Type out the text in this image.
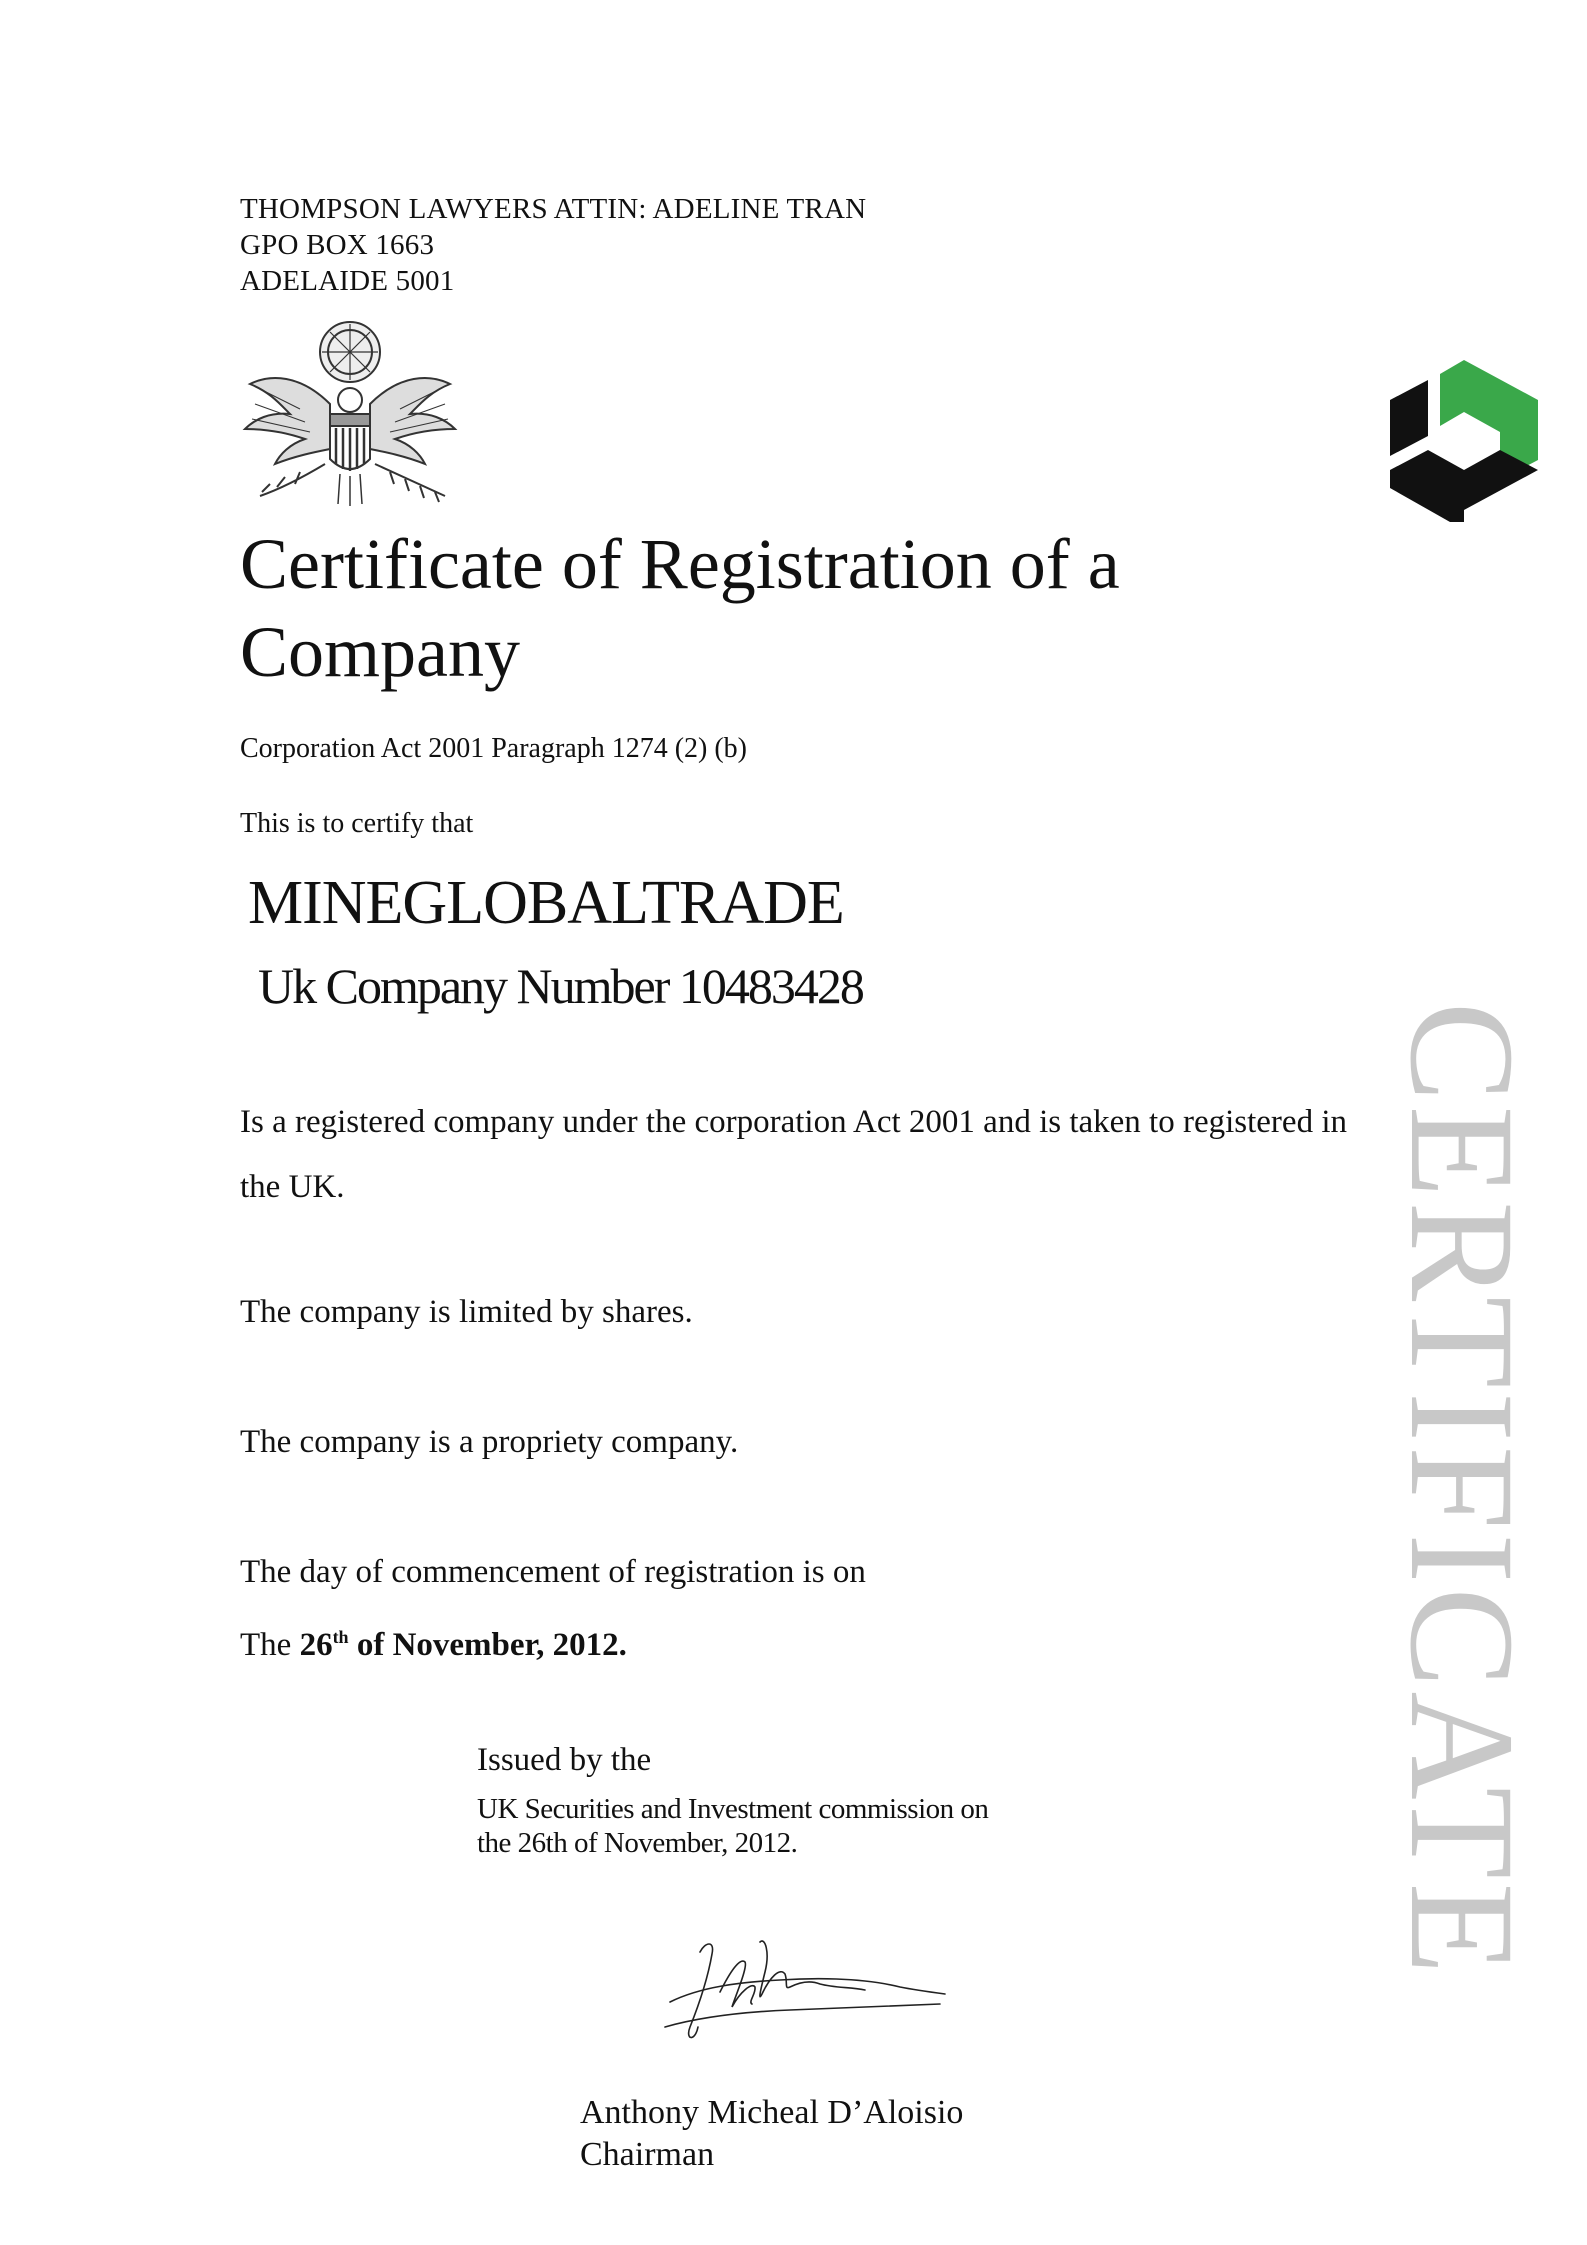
THOMPSON LAWYERS ATTIN: ADELINE TRAN
GPO BOX 1663
ADELAIDE 5001
Certificate of Registration of a Company
Corporation Act 2001 Paragraph 1274 (2) (b)
This is to certify that
MINEGLOBALTRADE
Uk Company Number 10483428
Is a registered company under the corporation Act 2001 and is taken to registered in the UK.
The company is limited by shares.
The company is a propriety company.
The day of commencement of registration is on
The 26th of November, 2012.
Issued by the
UK Securities and Investment commission on
the 26th of November, 2012.
Anthony Micheal D’Aloisio
Chairman
CERTIFICATE
